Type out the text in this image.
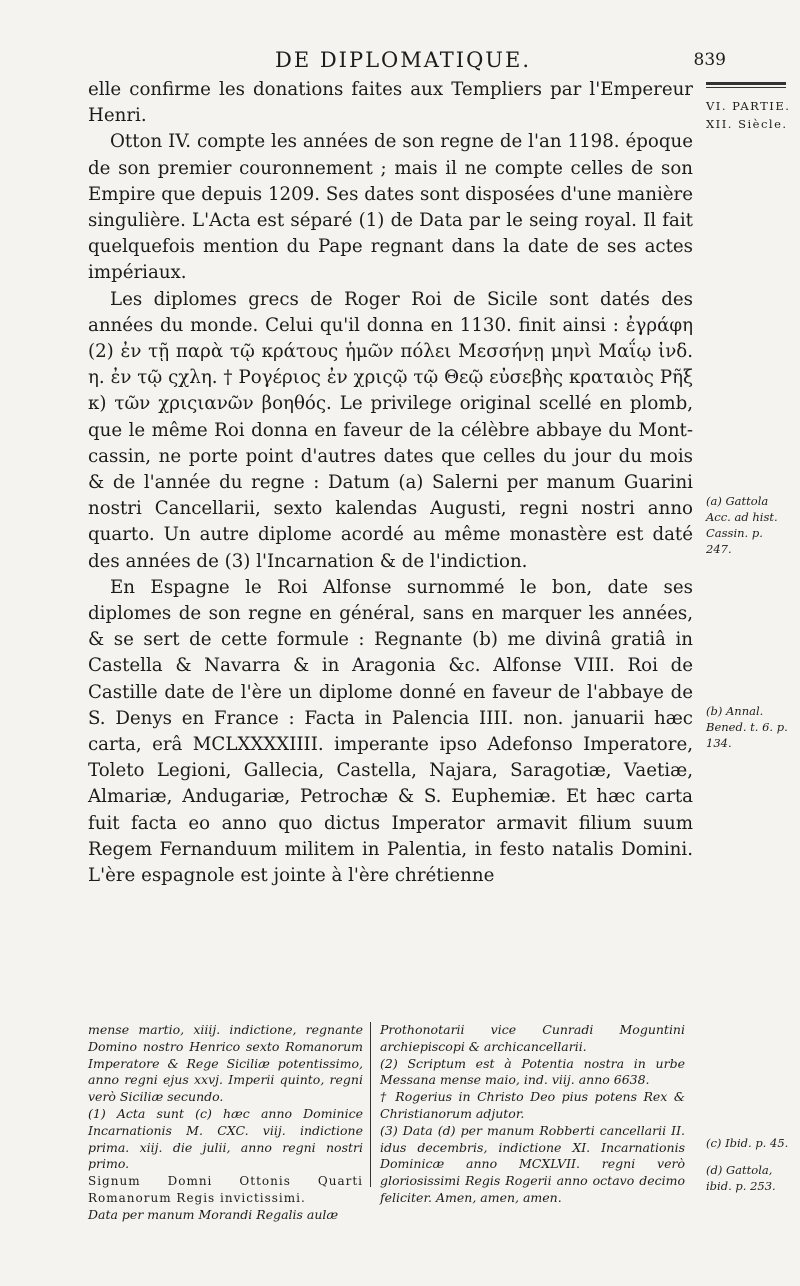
DE DIPLOMATIQUE.	839
VI. PARTIE.
XII. Siècle.

elle confirme les donations faites aux Templiers par l'Empereur Henri.

Otton IV. compte les années de son regne de l'an 1198. époque de son premier couronnement ; mais il ne compte celles de son Empire que depuis 1209. Ses dates sont disposées d'une manière singulière. L'Acta est séparé (1) de Data par le seing royal. Il fait quelquefois mention du Pape regnant dans la date de ses actes impériaux.

Les diplomes grecs de Roger Roi de Sicile sont datés des années du monde. Celui qu'il donna en 1130. finit ainsi : ἐγράφη (2) ἐν τῇ παρὰ τῷ κράτους ἡμῶν πόλει Μεσσήνῃ μηνὶ Μαΐῳ ἰνδ. η. ἐν τῷ ςχλη. † Ρογέριος ἐν χριςῷ τῷ Θεῷ εὐσεβὴς κραταιὸς Ρῆξ κ) τῶν χριςιανῶν βοηθός. Le privilege original scellé en plomb, que le même Roi donna en faveur de la célèbre abbaye du Mont-cassin, ne porte point d'autres dates que celles du jour du mois & de l'année du regne : Datum (a) Salerni per manum Guarini nostri Cancellarii, sexto kalendas Augusti, regni nostri anno quarto. Un autre diplome acordé au même monastère est daté des années de (3) l'Incarnation & de l'indiction.

En Espagne le Roi Alfonse surnommé le bon, date ses diplomes de son regne en général, sans en marquer les années, & se sert de cette formule : Regnante (b) me divinâ gratiâ in Castella & Navarra & in Aragonia &c. Alfonse VIII. Roi de Castille date de l'ère un diplome donné en faveur de l'abbaye de S. Denys en France : Facta in Palencia IIII. non. januarii hæc carta, erâ MCLXXXXIIII. imperante ipso Adefonso Imperatore, Toleto Legioni, Gallecia, Castella, Najara, Saragotiæ, Vaetiæ, Almariæ, Andugariæ, Petrochæ & S. Euphemiæ. Et hæc carta fuit facta eo anno quo dictus Imperator armavit filium suum Regem Fernanduum militem in Palentia, in festo natalis Domini. L'ère espagnole est jointe à l'ère chrétienne

(a) Gattola Acc. ad hist. Cassin. p. 247.
(b) Annal. Bened. t. 6. p. 134.
(c) Ibid. p. 45.
(d) Gattola, ibid. p. 253.

mense martio, xiiij. indictione, regnante Domino nostro Henrico sexto Romanorum Imperatore & Rege Siciliæ potentissimo, anno regni ejus xxvj. Imperii quinto, regni verò Siciliæ secundo.

(1) Acta sunt (c) hæc anno Dominice Incarnationis M. CXC. viij. indictione prima. xiij. die julii, anno regni nostri primo.

Signum Domni Ottonis Quarti Romanorum Regis invictissimi.

Data per manum Morandi Regalis aulæ

Prothonotarii vice Cunradi Moguntini archiepiscopi & archicancellarii.

(2) Scriptum est à Potentia nostra in urbe Messana mense maio, ind. viij. anno 6638.

† Rogerius in Christo Deo pius potens Rex & Christianorum adjutor.

(3) Data (d) per manum Robberti cancellarii II. idus decembris, indictione XI. Incarnationis Dominicæ anno MCXLVII. regni verò gloriosissimi Regis Rogerii anno octavo decimo feliciter. Amen, amen, amen.
